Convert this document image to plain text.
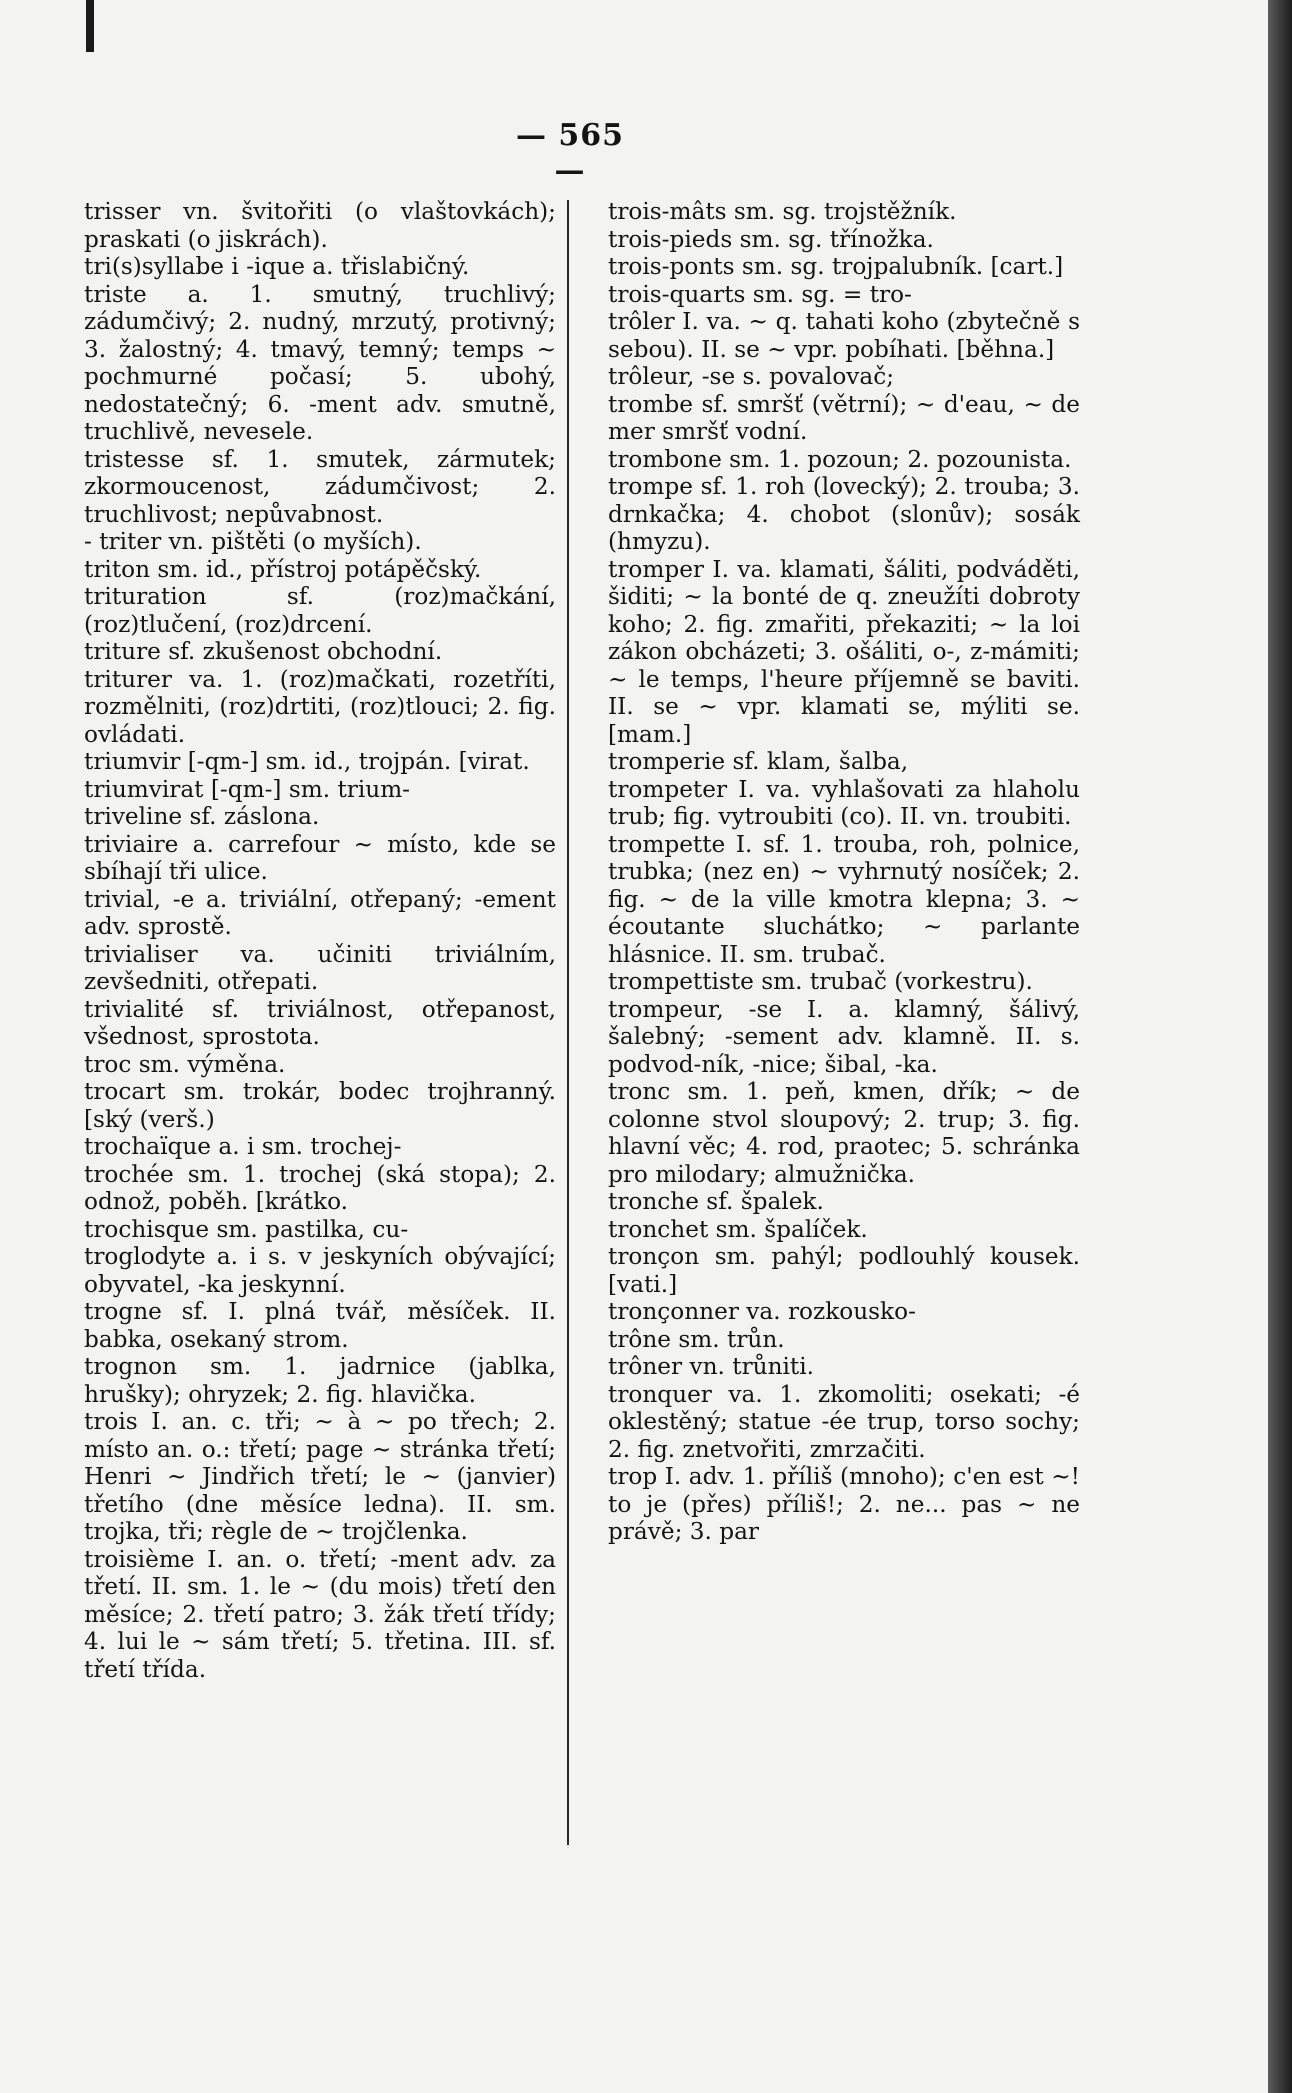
— 565 —

trisser vn. švitořiti (o vlaštovkách); praskati (o jiskrách).

tri(s)syllabe i -ique a. třislabičný.

triste a. 1. smutný, truchlivý; zádumčivý; 2. nudný, mrzutý, protivný; 3. žalostný; 4. tmavý, temný; temps ~ pochmurné počasí; 5. ubohý, nedostatečný; 6. -ment adv. smutně, truchlivě, nevesele.

tristesse sf. 1. smutek, zármutek; zkormoucenost, zádumčivost; 2. truchlivost; nepůvabnost.

- triter vn. pištěti (o myších).

triton sm. id., přístroj potápěčský.

trituration sf. (roz)mačkání, (roz)tlučení, (roz)drcení.

triture sf. zkušenost obchodní.

triturer va. 1. (roz)mačkati, rozetříti, rozmělniti, (roz)drtiti, (roz)tlouci; 2. fig. ovládati.

triumvir [-qm-] sm. id., trojpán. [virat.

triumvirat [-qm-] sm. trium-

triveline sf. záslona.

triviaire a. carrefour ~ místo, kde se sbíhají tři ulice.

trivial, -e a. triviální, otřepaný; -ement adv. sprostě.

trivialiser va. učiniti triviálním, zevšedniti, otřepati.

trivialité sf. triviálnost, otřepanost, všednost, sprostota.

troc sm. výměna.

trocart sm. trokár, bodec trojhranný. [ský (verš.)

trochaïque a. i sm. trochej-

trochée sm. 1. trochej (ská stopa); 2. odnož, poběh. [krátko.

trochisque sm. pastilka, cu-

troglodyte a. i s. v jeskyních obývající; obyvatel, -ka jeskynní.

trogne sf. I. plná tvář, měsíček. II. babka, osekaný strom.

trognon sm. 1. jadrnice (jablka, hrušky); ohryzek; 2. fig. hlavička.

trois I. an. c. tři; ~ à ~ po třech; 2. místo an. o.: třetí; page ~ stránka třetí; Henri ~ Jindřich třetí; le ~ (janvier) třetího (dne měsíce ledna). II. sm. trojka, tři; règle de ~ trojčlenka.

troisième I. an. o. třetí; -ment adv. za třetí. II. sm. 1. le ~ (du mois) třetí den měsíce; 2. třetí patro; 3. žák třetí třídy; 4. lui le ~ sám třetí; 5. třetina. III. sf. třetí třída.

trois-mâts sm. sg. trojstěžník.

trois-pieds sm. sg. třínožka.

trois-ponts sm. sg. trojpalubník. [cart.]

trois-quarts sm. sg. = tro-

trôler I. va. ~ q. tahati koho (zbytečně s sebou). II. se ~ vpr. pobíhati. [běhna.]

trôleur, -se s. povalovač;

trombe sf. smršť (větrní); ~ d'eau, ~ de mer smršť vodní.

trombone sm. 1. pozoun; 2. pozounista.

trompe sf. 1. roh (lovecký); 2. trouba; 3. drnkačka; 4. chobot (slonův); sosák (hmyzu).

tromper I. va. klamati, šáliti, podváděti, šiditi; ~ la bonté de q. zneužíti dobroty koho; 2. fig. zmařiti, překaziti; ~ la loi zákon obcházeti; 3. ošáliti, o-, z-mámiti; ~ le temps, l'heure příjemně se baviti. II. se ~ vpr. klamati se, mýliti se. [mam.]

tromperie sf. klam, šalba,

trompeter I. va. vyhlašovati za hlaholu trub; fig. vytroubiti (co). II. vn. troubiti.

trompette I. sf. 1. trouba, roh, polnice, trubka; (nez en) ~ vyhrnutý nosíček; 2. fig. ~ de la ville kmotra klepna; 3. ~ écoutante sluchátko; ~ parlante hlásnice. II. sm. trubač.

trompettiste sm. trubač (vorkestru).

trompeur, -se I. a. klamný, šálivý, šalebný; -sement adv. klamně. II. s. podvod-ník, -nice; šibal, -ka.

tronc sm. 1. peň, kmen, dřík; ~ de colonne stvol sloupový; 2. trup; 3. fig. hlavní věc; 4. rod, praotec; 5. schránka pro milodary; almužnička.

tronche sf. špalek.

tronchet sm. špalíček.

tronçon sm. pahýl; podlouhlý kousek. [vati.]

tronçonner va. rozkousko-

trône sm. trůn.

trôner vn. trůniti.

tronquer va. 1. zkomoliti; osekati; -é oklestěný; statue -ée trup, torso sochy; 2. fig. znetvořiti, zmrzačiti.

trop I. adv. 1. příliš (mnoho); c'en est ~! to je (přes) příliš!; 2. ne... pas ~ ne právě; 3. par
